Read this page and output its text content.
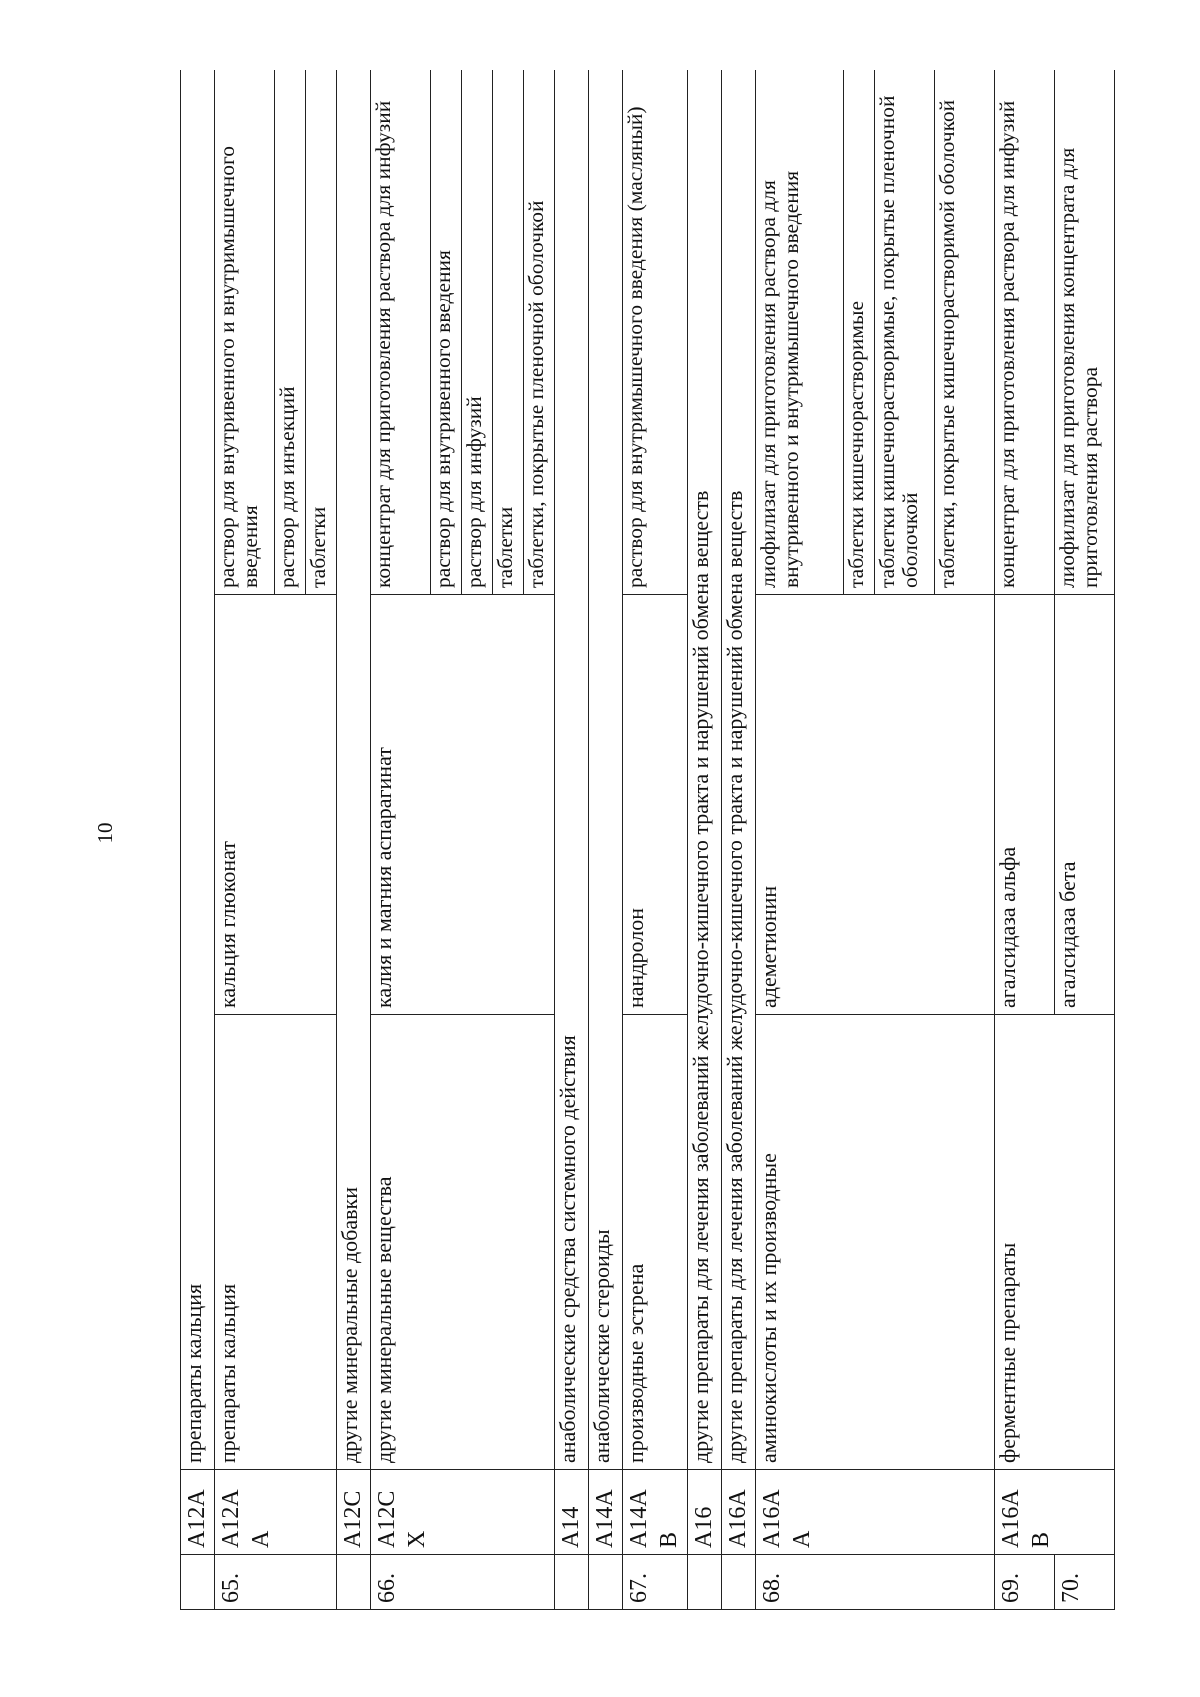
10
	A12A	препараты кальция		
65.	A12AA	препараты кальция	кальция глюконат	раствор для внутривенного и внутримышечного введения
				раствор для инъекций
				таблетки
	A12C	другие минеральные добавки		
66.	A12CX	другие минеральные вещества	калия и магния аспарагинат	концентрат для приготовления раствора для инфузий
				раствор для внутривенного введения
				раствор для инфузий
				таблетки
				таблетки, покрытые пленочной оболочкой
	A14	анаболические средства системного действия		
	A14A	анаболические стероиды		
67.	A14AB	производные эстрена	нандролон	раствор для внутримышечного введения (масляный)
	A16	другие препараты для лечения заболеваний желудочно-кишечного тракта и нарушений обмена веществ		
	A16A	другие препараты для лечения заболеваний желудочно-кишечного тракта и нарушений обмена веществ		
68.	A16AA	аминокислоты и их производные	адеметионин	лиофилизат для приготовления раствора для внутривенного и внутримышечного введения
				таблетки кишечнорастворимые
				таблетки кишечнорастворимые, покрытые пленочной оболочкой
				таблетки, покрытые кишечнорастворимой оболочкой
69.	A16AB	ферментные препараты	агалсидаза альфа	концентрат для приготовления раствора для инфузий
70.			агалсидаза бета	лиофилизат для приготовления концентрата для приготовления раствора
